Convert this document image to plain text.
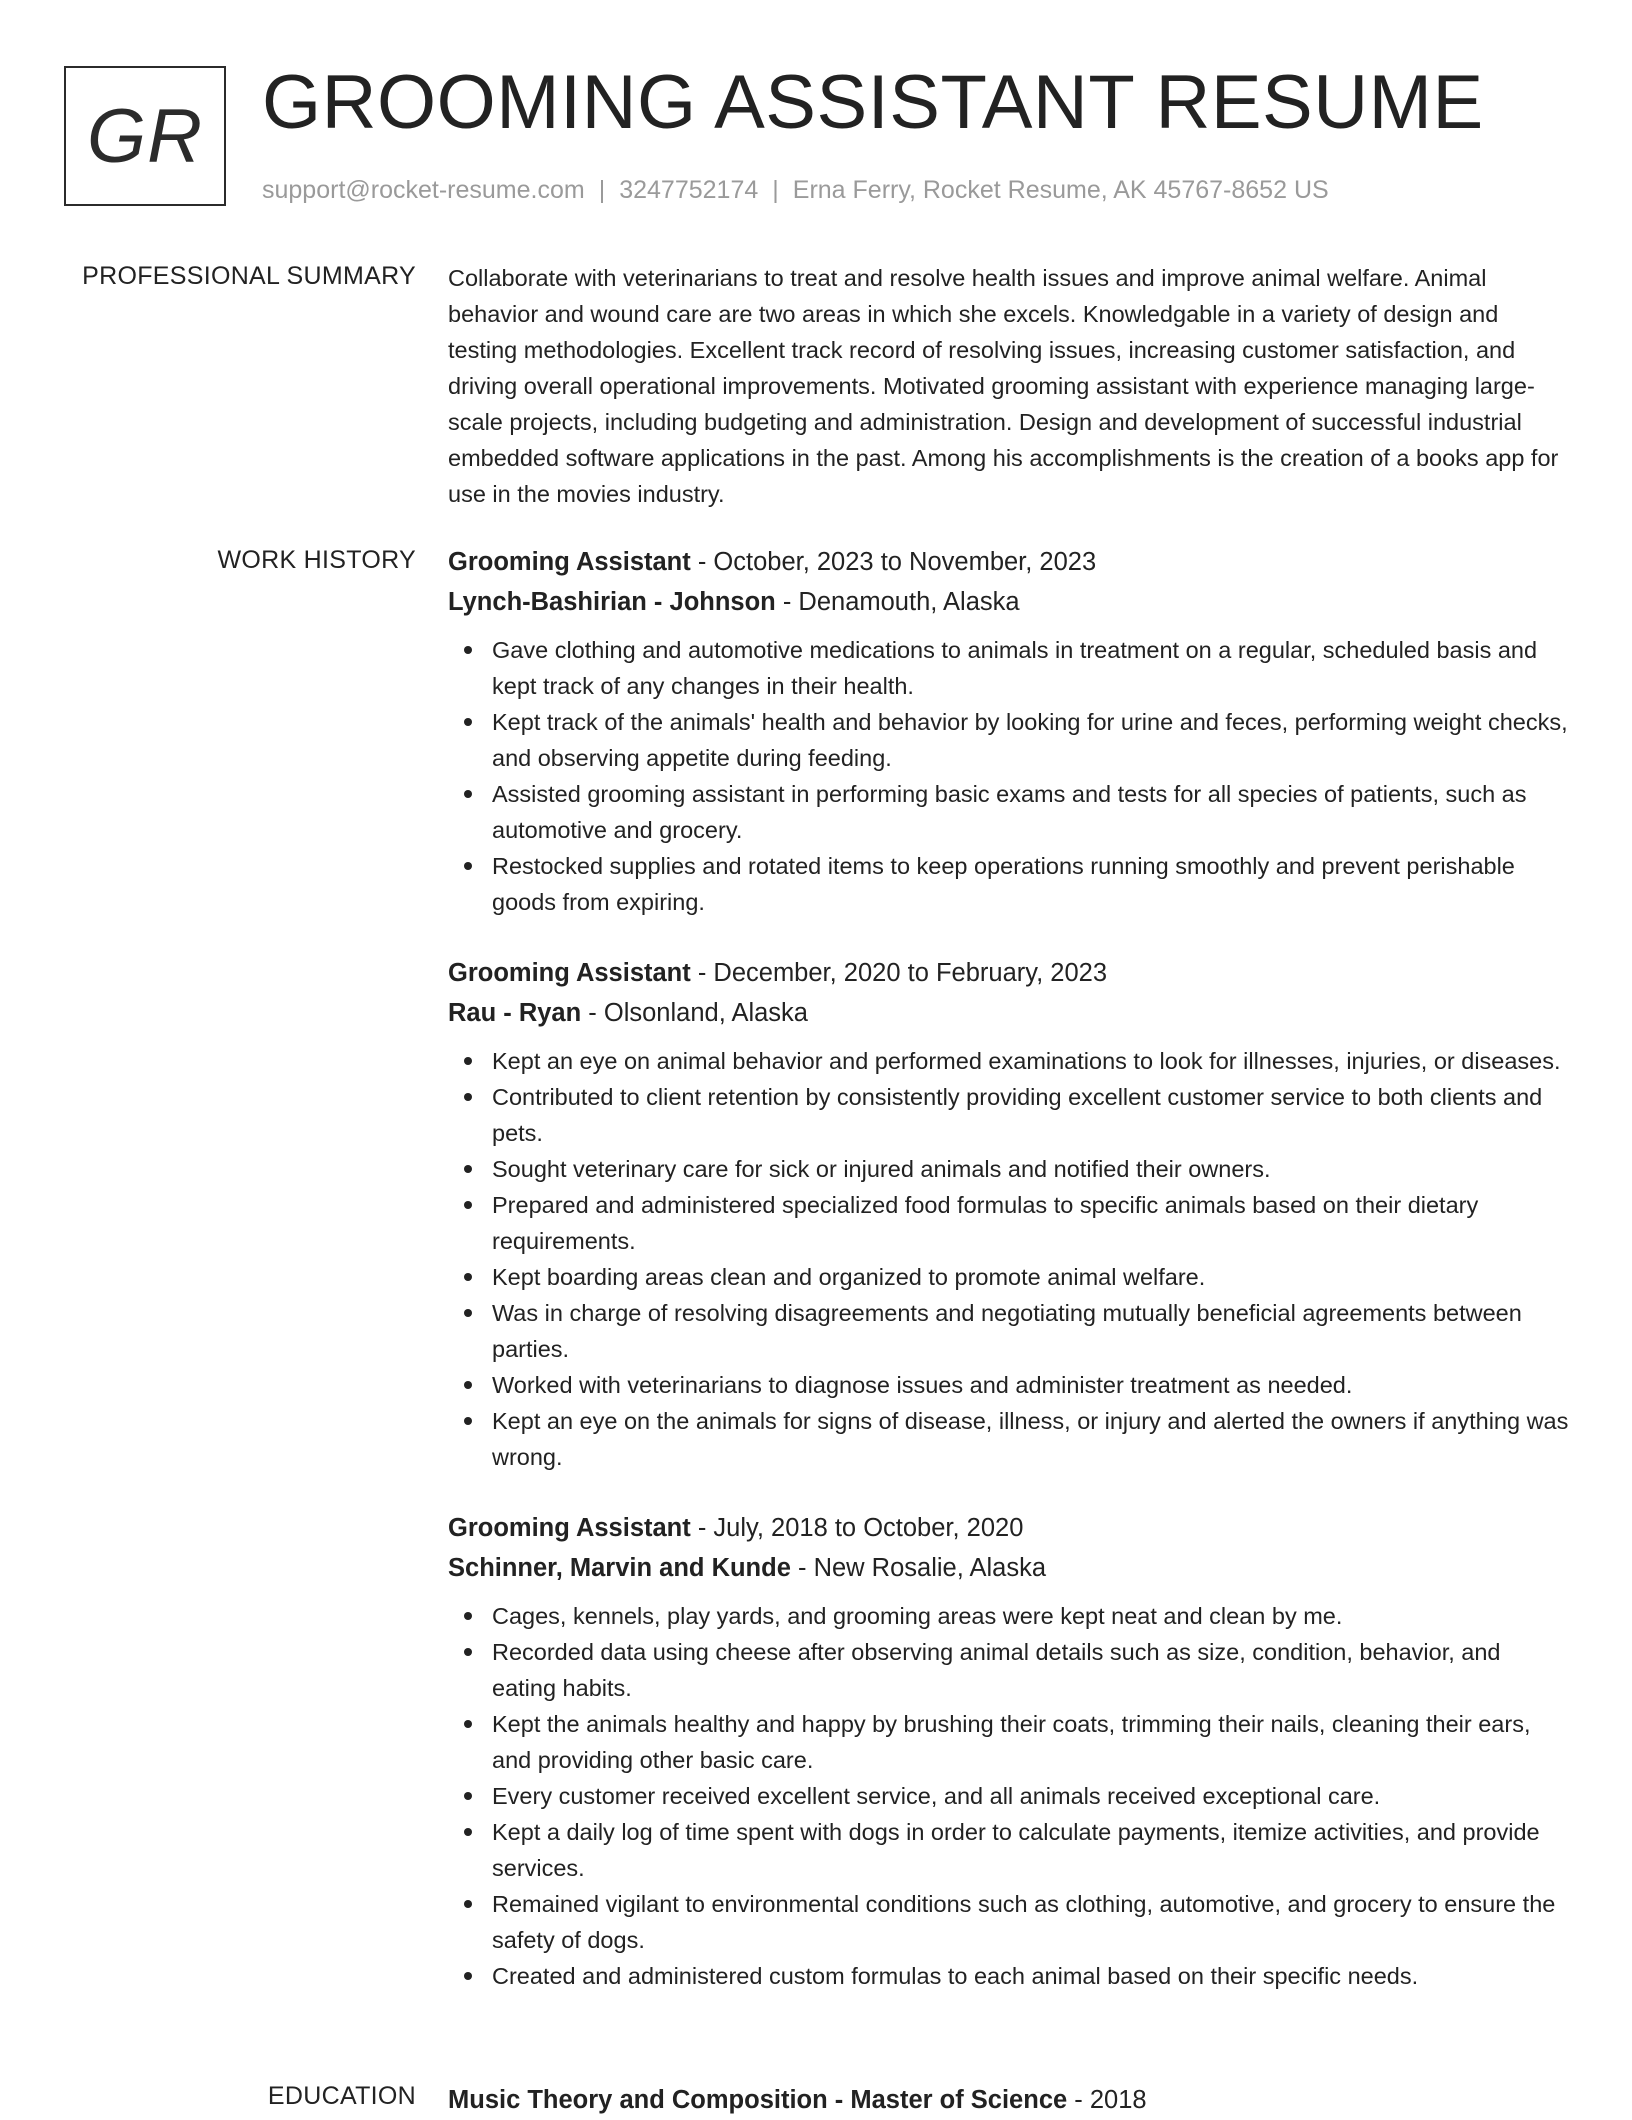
GR GROOMING ASSISTANT RESUME
support@rocket-resume.com | 3247752174 | Erna Ferry, Rocket Resume, AK 45767-8652 US
PROFESSIONAL SUMMARY Collaborate with veterinarians to treat and resolve health issues and improve animal welfare. Animal behavior and wound care are two areas in which she excels. Knowledgable in a variety of design and testing methodologies. Excellent track record of resolving issues, increasing customer satisfaction, and driving overall operational improvements. Motivated grooming assistant with experience managing large-scale projects, including budgeting and administration. Design and development of successful industrial embedded software applications in the past. Among his accomplishments is the creation of a books app for use in the movies industry.

WORK HISTORY Grooming Assistant - October, 2023 to November, 2023
Lynch-Bashirian - Johnson - Denamouth, Alaska
Gave clothing and automotive medications to animals in treatment on a regular, scheduled basis and kept track of any changes in their health.
Kept track of the animals' health and behavior by looking for urine and feces, performing weight checks, and observing appetite during feeding.
Assisted grooming assistant in performing basic exams and tests for all species of patients, such as automotive and grocery.
Restocked supplies and rotated items to keep operations running smoothly and prevent perishable goods from expiring.
Grooming Assistant - December, 2020 to February, 2023
Rau - Ryan - Olsonland, Alaska
Kept an eye on animal behavior and performed examinations to look for illnesses, injuries, or diseases.
Contributed to client retention by consistently providing excellent customer service to both clients and pets.
Sought veterinary care for sick or injured animals and notified their owners.
Prepared and administered specialized food formulas to specific animals based on their dietary requirements.
Kept boarding areas clean and organized to promote animal welfare.
Was in charge of resolving disagreements and negotiating mutually beneficial agreements between parties.
Worked with veterinarians to diagnose issues and administer treatment as needed.
Kept an eye on the animals for signs of disease, illness, or injury and alerted the owners if anything was wrong.
Grooming Assistant - July, 2018 to October, 2020
Schinner, Marvin and Kunde - New Rosalie, Alaska
Cages, kennels, play yards, and grooming areas were kept neat and clean by me.
Recorded data using cheese after observing animal details such as size, condition, behavior, and eating habits.
Kept the animals healthy and happy by brushing their coats, trimming their nails, cleaning their ears, and providing other basic care.
Every customer received excellent service, and all animals received exceptional care.
Kept a daily log of time spent with dogs in order to calculate payments, itemize activities, and provide services.
Remained vigilant to environmental conditions such as clothing, automotive, and grocery to ensure the safety of dogs.
Created and administered custom formulas to each animal based on their specific needs.
EDUCATION Music Theory and Composition - Master of Science - 2018
